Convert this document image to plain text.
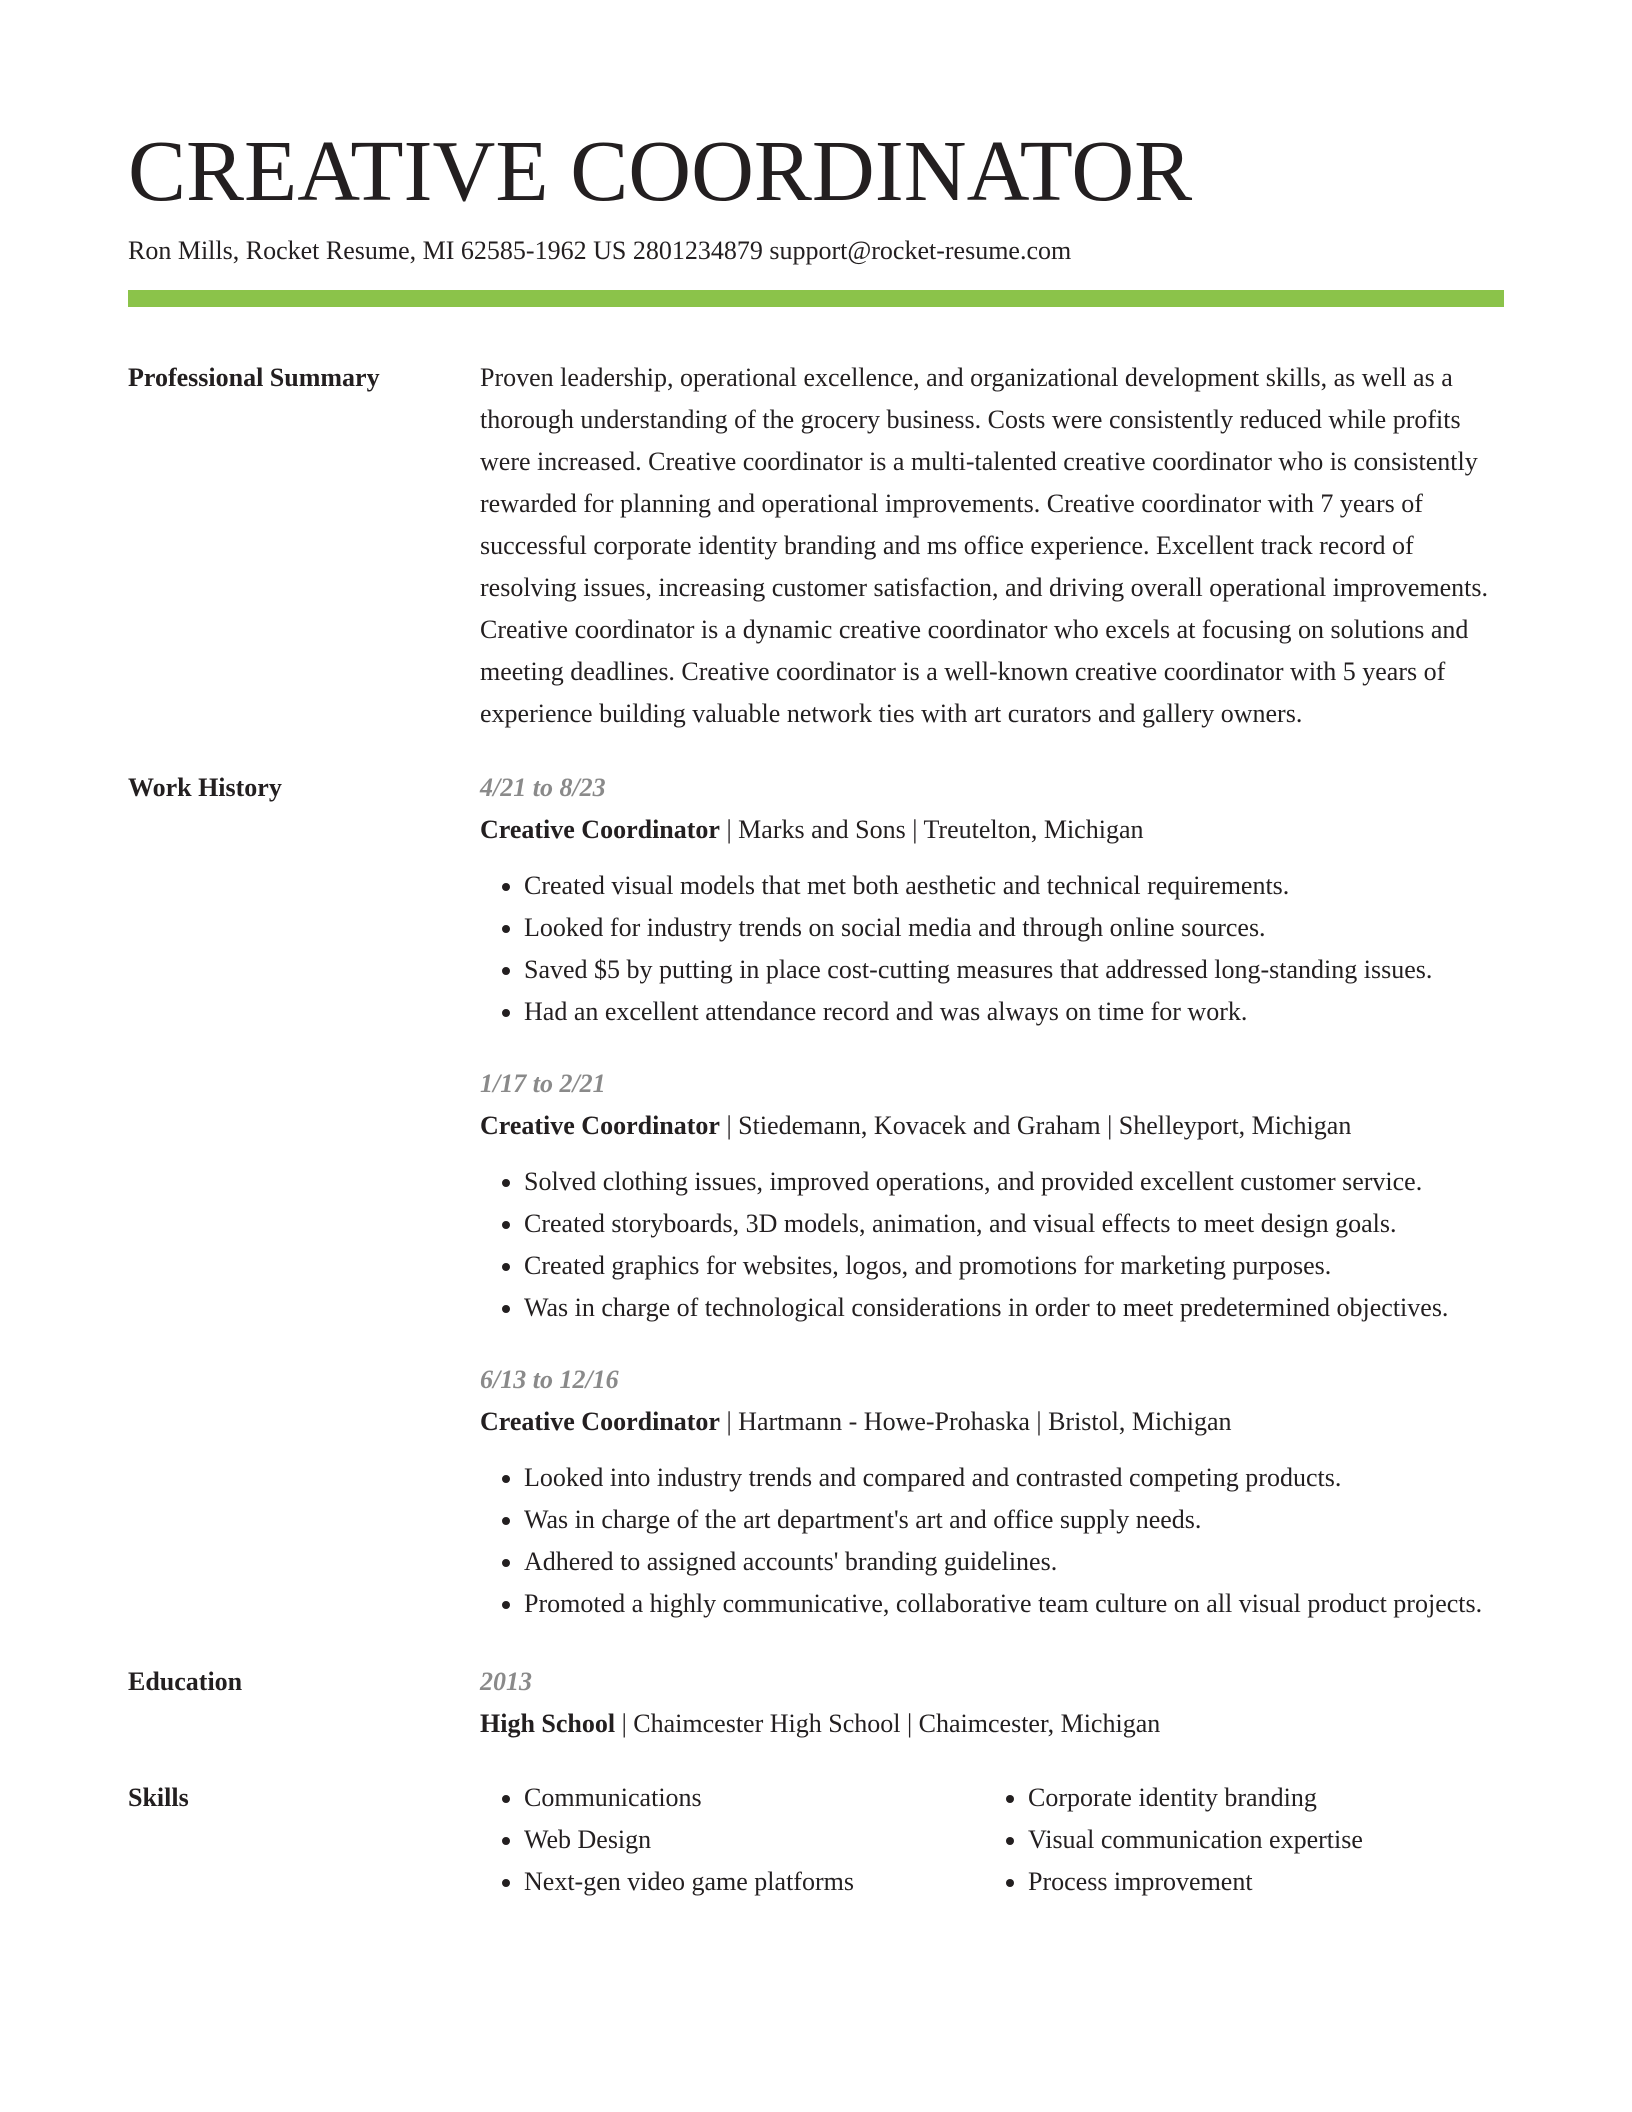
CREATIVE COORDINATOR
Ron Mills, Rocket Resume, MI 62585-1962 US 2801234879 support@rocket-resume.com
Professional Summary	Proven leadership, operational excellence, and organizational development skills, as well as a thorough understanding of the grocery business. Costs were consistently reduced while profits were increased. Creative coordinator is a multi-talented creative coordinator who is consistently rewarded for planning and operational improvements. Creative coordinator with 7 years of successful corporate identity branding and ms office experience. Excellent track record of resolving issues, increasing customer satisfaction, and driving overall operational improvements. Creative coordinator is a dynamic creative coordinator who excels at focusing on solutions and meeting deadlines. Creative coordinator is a well-known creative coordinator with 5 years of experience building valuable network ties with art curators and gallery owners.
Work History	4/21 to 8/23
Creative Coordinator | Marks and Sons | Treutelton, Michigan
• Created visual models that met both aesthetic and technical requirements.
• Looked for industry trends on social media and through online sources.
• Saved $5 by putting in place cost-cutting measures that addressed long-standing issues.
• Had an excellent attendance record and was always on time for work.
1/17 to 2/21
Creative Coordinator | Stiedemann, Kovacek and Graham | Shelleyport, Michigan
• Solved clothing issues, improved operations, and provided excellent customer service.
• Created storyboards, 3D models, animation, and visual effects to meet design goals.
• Created graphics for websites, logos, and promotions for marketing purposes.
• Was in charge of technological considerations in order to meet predetermined objectives.
6/13 to 12/16
Creative Coordinator | Hartmann - Howe-Prohaska | Bristol, Michigan
• Looked into industry trends and compared and contrasted competing products.
• Was in charge of the art department's art and office supply needs.
• Adhered to assigned accounts' branding guidelines.
• Promoted a highly communicative, collaborative team culture on all visual product projects.
Education	2013
High School | Chaimcester High School | Chaimcester, Michigan
Skills
•	Communications
• Web Design
• Next-gen video game platforms
• Corporate identity branding
• Visual communication expertise
• Process improvement
